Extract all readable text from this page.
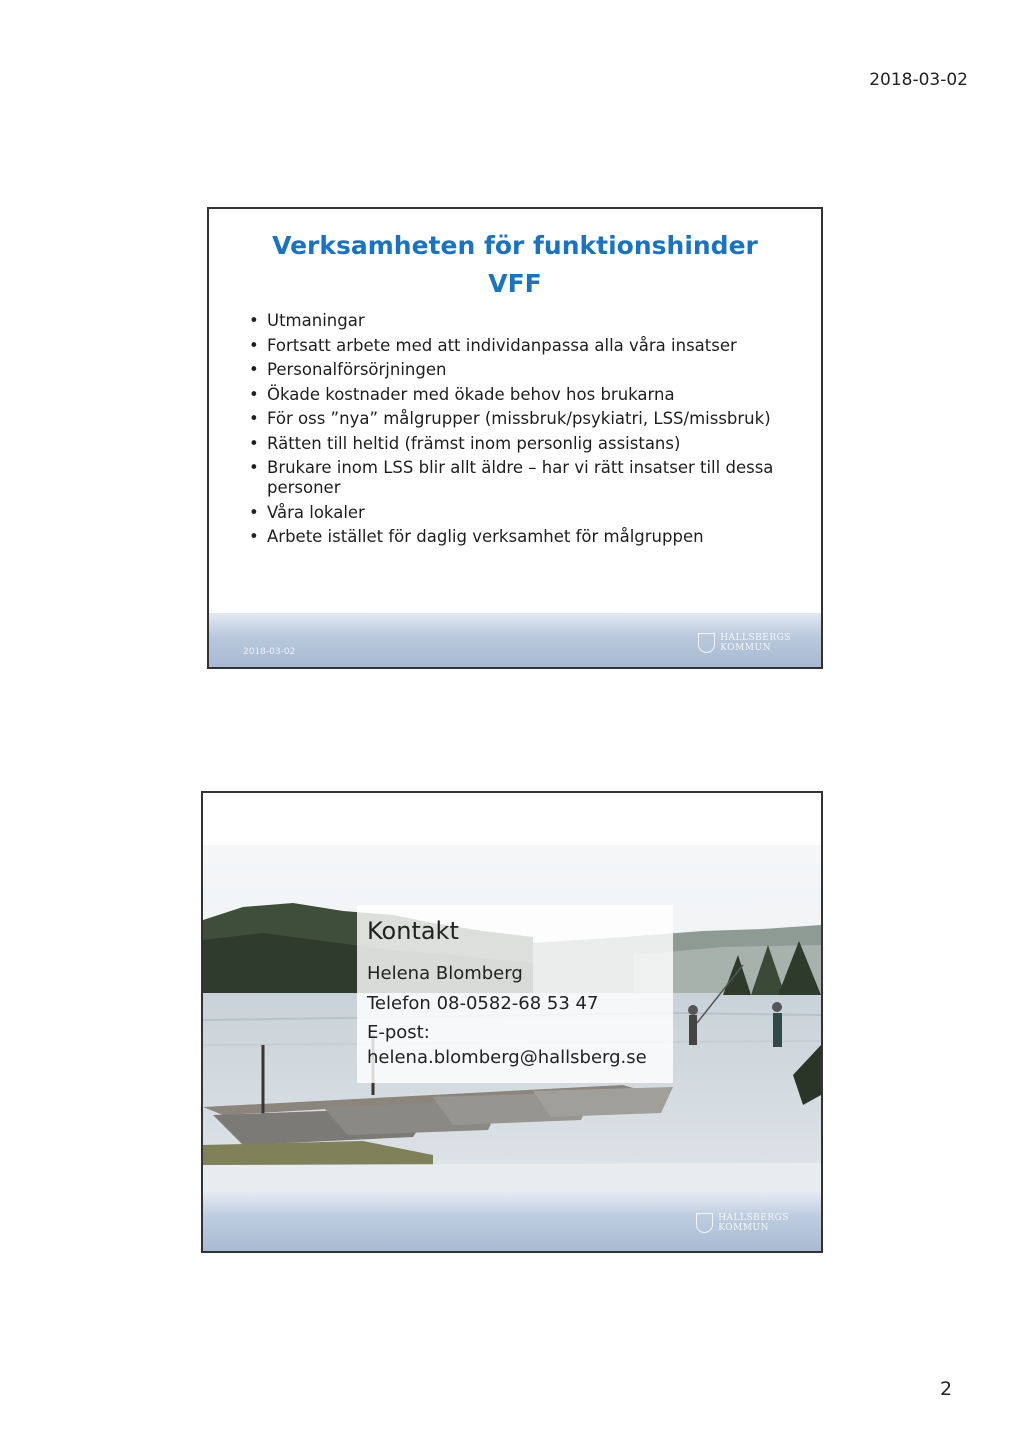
2018-03-02
Verksamheten för funktionshinder
VFF
• Utmaningar
• Fortsatt arbete med att individanpassa alla våra insatser
• Personalförsörjningen
• Ökade kostnader med ökade behov hos brukarna
• För oss ”nya” målgrupper (missbruk/psykiatri, LSS/missbruk)
• Rätten till heltid (främst inom personlig assistans)
• Brukare inom LSS blir allt äldre – har vi rätt insatser till dessa personer
• Våra lokaler
• Arbete istället för daglig verksamhet för målgruppen
2018-03-02
HALLSBERGS
KOMMUN
Kontakt
Helena Blomberg
Telefon 08-0582-68 53 47
E-post:
helena.blomberg@hallsberg.se
HALLSBERGS
KOMMUN
2
